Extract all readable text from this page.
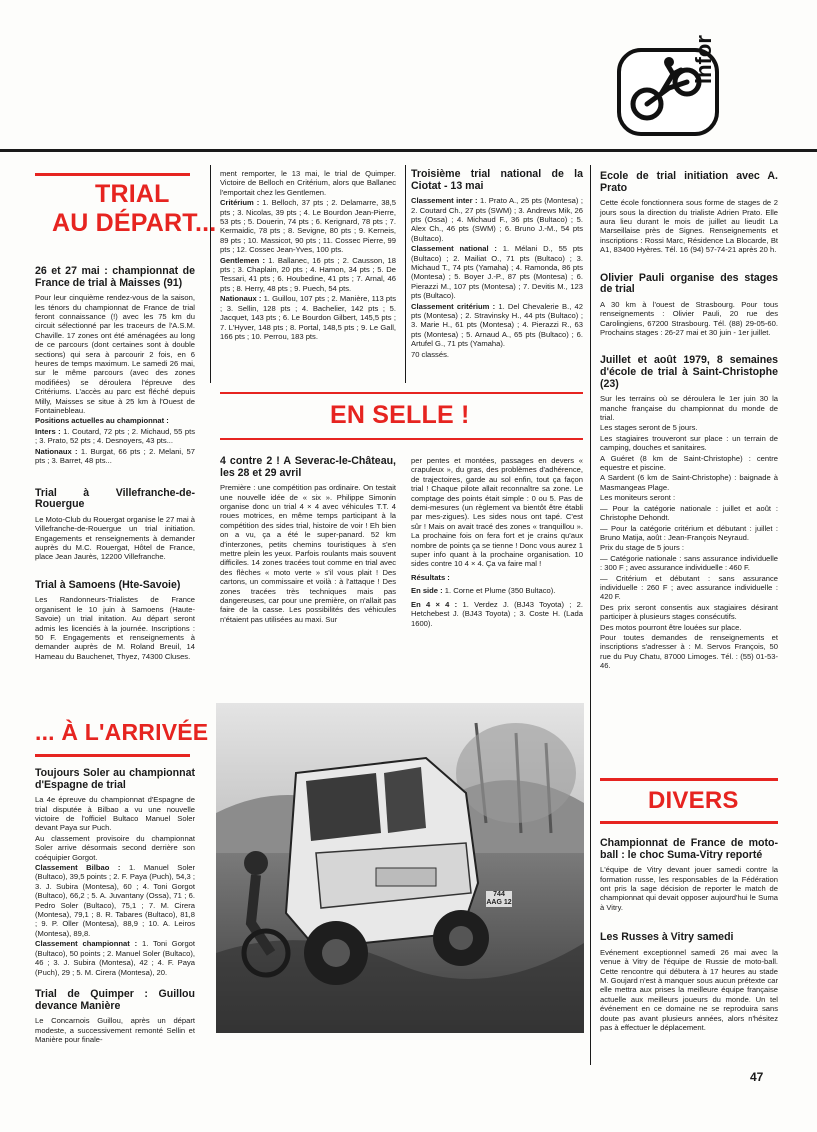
infor
TRIAL
AU DÉPART...
26 et 27 mai : championnat de France de trial à Maisses (91)

Pour leur cinquième rendez-vous de la saison, les ténors du championnat de France de trial feront connaissance (!) avec les 75 km du circuit sélectionné par les traceurs de l'A.S.M. Chaville. 17 zones ont été aménagées au long de ce parcours (dont certaines sont à double sections) qui sera à parcourir 2 fois, en 6 heures de temps maximum. Le samedi 26 mai, sur le même parcours (avec des zones modifiées) se déroulera l'épreuve des Critériums. L'accès au parc est fléché depuis Milly, Maisses se situe à 25 km à l'Ouest de Fontainebleau.

Positions actuelles au championnat :

Inters : 1. Coutard, 72 pts ; 2. Michaud, 55 pts ; 3. Prato, 52 pts ; 4. Desnoyers, 43 pts...

Nationaux : 1. Burgat, 66 pts ; 2. Melani, 57 pts ; 3. Barret, 48 pts...

Trial à Villefranche-de-Rouergue

Le Moto-Club du Rouergat organise le 27 mai à Villefranche-de-Rouergue un trial initiation. Engagements et renseignements à demander auprès du M.C. Rouergat, Hôtel de France, place Jean Jaurès, 12200 Villefranche.

Trial à Samoens (Hte-Savoie)

Les Randonneurs-Trialistes de France organisent le 10 juin à Samoens (Haute-Savoie) un trial initation. Au départ seront admis les licenciés à la journée. Inscriptions : 50 F. Engagements et renseignements à demander auprès de M. Roland Breuil, 14 Hameau du Bauchenet, Thyez, 74300 Cluses.

... À L'ARRIVÉE
Toujours Soler au championnat d'Espagne de trial

La 4e épreuve du championnat d'Espagne de trial disputée à Bilbao a vu une nouvelle victoire de l'officiel Bultaco Manuel Soler devant Paya sur Puch.

Au classement provisoire du championnat Soler arrive désormais second derrière son coéquipier Gorgot.

Classement Bilbao : 1. Manuel Soler (Bultaco), 39,5 points ; 2. F. Paya (Puch), 54,3 ; 3. J. Subira (Montesa), 60 ; 4. Toni Gorgot (Bultaco), 66,2 ; 5. A. Juvantany (Ossa), 71 ; 6. Pedro Soler (Bultaco), 75,1 ; 7. M. Cirera (Montesa), 79,1 ; 8. R. Tabares (Bultaco), 81,8 ; 9. P. Oller (Montesa), 88,9 ; 10. A. Leiros (Montesa), 89,8.

Classement championnat : 1. Toni Gorgot (Bultaco), 50 points ; 2. Manuel Soler (Bultaco), 46 ; 3. J. Subira (Montesa), 42 ; 4. F. Paya (Puch), 29 ; 5. M. Cirera (Montesa), 20.

Trial de Quimper : Guillou devance Manière

Le Concarnois Guillou, après un départ modeste, a successivement remonté Sellin et Manière pour finale-

ment remporter, le 13 mai, le trial de Quimper. Victoire de Belloch en Critérium, alors que Ballanec l'emportait chez les Gentlemen.

Critérium : 1. Belloch, 37 pts ; 2. Delamarre, 38,5 pts ; 3. Nicolas, 39 pts ; 4. Le Bourdon Jean-Pierre, 53 pts ; 5. Douerin, 74 pts ; 6. Kerignard, 78 pts ; 7. Kermaidic, 78 pts ; 8. Sevigne, 80 pts ; 9. Kerneis, 89 pts ; 10. Massicot, 90 pts ; 11. Cossec Pierre, 99 pts ; 12. Cossec Jean-Yves, 100 pts.

Gentlemen : 1. Ballanec, 16 pts ; 2. Causson, 18 pts ; 3. Chaplain, 20 pts ; 4. Hamon, 34 pts ; 5. De Tessari, 41 pts ; 6. Houbedine, 41 pts ; 7. Arnal, 46 pts ; 8. Herry, 48 pts ; 9. Puech, 54 pts.

Nationaux : 1. Guillou, 107 pts ; 2. Manière, 113 pts ; 3. Sellin, 128 pts ; 4. Bachelier, 142 pts ; 5. Jacquet, 143 pts ; 6. Le Bourdon Gilbert, 145,5 pts ; 7. L'Hyver, 148 pts ; 8. Portal, 148,5 pts ; 9. Le Gall, 166 pts ; 10. Perrou, 183 pts.

Troisième trial national de la Ciotat - 13 mai

Classement inter : 1. Prato A., 25 pts (Montesa) ; 2. Coutard Ch., 27 pts (SWM) ; 3. Andrews Mik, 26 pts (Ossa) ; 4. Michaud F., 36 pts (Bultaco) ; 5. Alex Ch., 46 pts (SWM) ; 6. Bruno J.-M., 54 pts (Bultaco).

Classement national : 1. Mélani D., 55 pts (Bultaco) ; 2. Mailiat O., 71 pts (Bultaco) ; 3. Michaud T., 74 pts (Yamaha) ; 4. Ramonda, 86 pts (Montesa) ; 5. Boyer J.-P., 87 pts (Montesa) ; 6. Pierazzi M., 107 pts (Montesa) ; 7. Devitis M., 123 pts (Bultaco).

Classement critérium : 1. Del Chevalerie B., 42 pts (Montesa) ; 2. Stravinsky H., 44 pts (Bultaco) ; 3. Marie H., 61 pts (Montesa) ; 4. Pierazzi R., 63 pts (Montesa) ; 5. Arnaud A., 65 pts (Bultaco) ; 6. Artufel G., 71 pts (Yamaha).

70 classés.

EN SELLE !
4 contre 2 ! A Severac-le-Château, les 28 et 29 avril

Première : une compétition pas ordinaire. On testait une nouvelle idée de « six ». Philippe Simonin organise donc un trial 4 × 4 avec véhicules T.T. 4 roues motrices, en même temps participant à la compétition des sides trial, histoire de voir ! Eh bien on a vu, ça a été le super-panard. 52 km d'interzones, petits chemins touristiques à s'en mettre plein les yeux. Parfois roulants mais souvent difficiles. 14 zones tracées tout comme en trial avec des flèches « moto verte » s'il vous plait ! Des cartons, un commissaire et voilà : à l'attaque ! Des zones tracées très techniques mais pas dangereuses, car pour une première, on n'allait pas faire de la casse. Les possibilités des véhicules n'étaient pas utilisées au maxi. Sur

per pentes et montées, passages en devers « crapuleux », du gras, des problèmes d'adhérence, de trajectoires, garde au sol enfin, tout ça façon trial ! Chaque pilote allait reconnaître sa zone. Le comptage des points était simple : 0 ou 5. Pas de demi-mesures (un règlement va bientôt être établi par mes-zigues). Les sides nous ont tapé. C'est sûr ! Mais on avait tracé des zones « tranquillou ». La prochaine fois on fera fort et je crains qu'aux nombre de points ça se tienne ! Donc vous aurez 1 super info quant à la prochaine organisation. 10 sides contre 10 4 × 4. Ça va faire mal !

Résultats :

En side : 1. Corne et Plume (350 Bultaco).

En 4 × 4 : 1. Verdez J. (BJ43 Toyota) ; 2. Hetchebest J. (BJ43 Toyota) ; 3. Coste H. (Lada 1600).

744 AAG 12
Ecole de trial initiation avec A. Prato

Cette école fonctionnera sous forme de stages de 2 jours sous la direction du trialiste Adrien Prato. Elle aura lieu durant le mois de juillet au lieudit La Marseillaise près de Signes. Renseignements et inscriptions : Rossi Marc, Résidence La Blocarde, Bt A1, 83400 Hyères. Tél. 16 (94) 57-74-21 après 20 h.

Olivier Pauli organise des stages de trial

A 30 km à l'ouest de Strasbourg. Pour tous renseignements : Olivier Pauli, 20 rue des Carolingiens, 67200 Strasbourg. Tél. (88) 29-05-60. Prochains stages : 26-27 mai et 30 juin - 1er juillet.

Juillet et août 1979, 8 semaines d'école de trial à Saint-Christophe (23)

Sur les terrains où se déroulera le 1er juin 30 la manche française du championnat du monde de trial.

Les stages seront de 5 jours.

Les stagiaires trouveront sur place : un terrain de camping, douches et sanitaires.

A Guéret (8 km de Saint-Christophe) : centre equestre et piscine.

A Sardent (6 km de Saint-Christophe) : baignade à Masmangeas Plage.

Les moniteurs seront :

— Pour la catégorie nationale : juillet et août : Christophe Dehondt.

— Pour la catégorie critérium et débutant : juillet : Bruno Matija, août : Jean-François Neyraud.

Prix du stage de 5 jours :

— Catégorie nationale : sans assurance individuelle : 300 F ; avec assurance individuelle : 460 F.

— Critérium et débutant : sans assurance individuelle : 260 F ; avec assurance individuelle : 420 F.

Des prix seront consentis aux stagiaires désirant participer à plusieurs stages consécutifs.

Des motos pourront être louées sur place.

Pour toutes demandes de renseignements et inscriptions s'adresser à : M. Servos François, 50 rue du Puy Chatu, 87000 Limoges. Tél. : (55) 01-53-46.

DIVERS
Championnat de France de moto-ball : le choc Suma-Vitry reporté

L'équipe de Vitry devant jouer samedi contre la formation russe, les responsables de la Fédération ont pris la sage décision de reporter le match de championnat qui devait opposer aujourd'hui le Suma à Vitry.

Les Russes à Vitry samedi

Evénement exceptionnel samedi 26 mai avec la venue à Vitry de l'équipe de Russie de moto-ball. Cette rencontre qui débutera à 17 heures au stade M. Goujard n'est à manquer sous aucun prétexte car elle mettra aux prises la meilleure équipe française actuelle aux meilleurs joueurs du monde. Un tel événement en ce domaine ne se reproduira sans doute pas avant plusieurs années, alors n'hésitez pas à effectuer le déplacement.

47
